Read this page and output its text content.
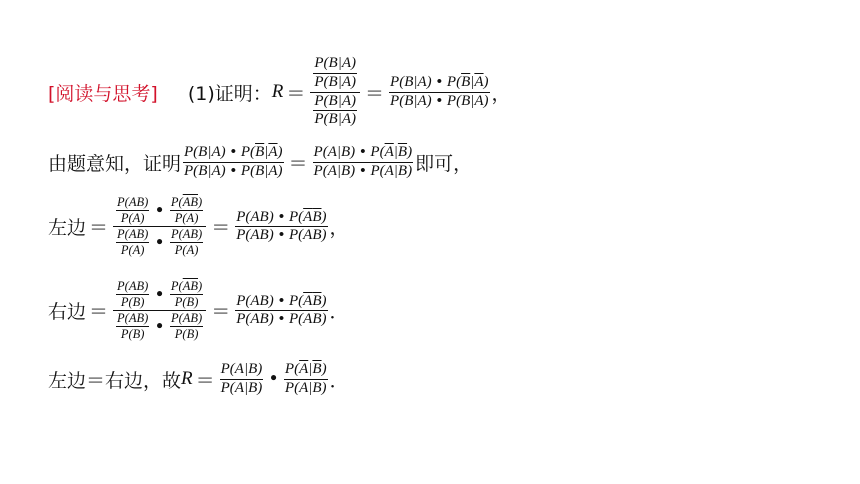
[阅读与思考] (1)证明： $R = \frac{\frac{P(B|A)}{P( \overline{B} |A)}}{\frac{P(B| \overline{A} )}{P( \overline{B} | \overline{A} )}} = \frac{P(B|A) • P( \overline{B} | \overline{A} )}{P( \overline{B} |A) • P(B| \overline{A} )}$ ，
由题意知，证明 $\frac{P(B|A) • P( \overline{B} | \overline{A} )}{P( \overline{B} |A) • P(B| \overline{A} )} = \frac{P(A|B) • P( \overline{A} | \overline{B} )}{P( \overline{A} |B) • P(A| \overline{B} )}$ 即可，
左边 ＝ $\frac{\frac{P(AB)}{P(A)} • \frac{P( \overline{AB} )}{P( \overline{A} )}}{\frac{P(A \overline{B} )}{P(A)} • \frac{P( \overline{A} B)}{P( \overline{A} )}} = \frac{P(AB) • P( \overline{A} \overline{B} )}{P(A \overline{B} ) • P( \overline{A} B)}$ ，
右边 ＝ $\frac{\frac{P(AB)}{P(B)} • \frac{P( \overline{AB} )}{P( \overline{B} )}}{\frac{P( \overline{A} B)}{P(B)} • \frac{P(A \overline{B} )}{P( \overline{B} )}} = \frac{P(AB) • P( \overline{A} \overline{B} )}{P(A \overline{B} ) • P( \overline{A} B)}$ ．
左边＝右边，故 $R = \frac{P(A|B)}{P( \overline{A} |B)}$ • $\frac{P( \overline{A} | \overline{B} )}{P(A| \overline{B} )}$ ．
